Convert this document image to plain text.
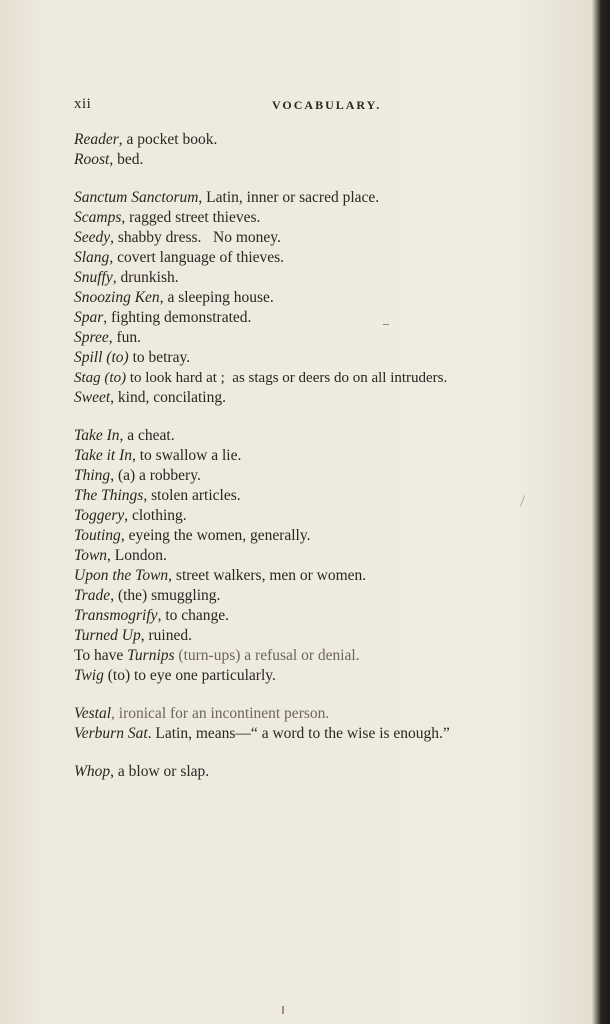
xii	VOCABULARY.
Reader, a pocket book.
Roost, bed.
Sanctum Sanctorum, Latin, inner or sacred place.
Scamps, ragged street thieves.
Seedy, shabby dress.   No money.
Slang, covert language of thieves.
Snuffy, drunkish.
Snoozing Ken, a sleeping house.
Spar, fighting demonstrated.
Spree, fun.
Spill (to) to betray.
Stag (to) to look hard at ;  as stags or deers do on all intruders.
Sweet, kind, concilating.
Take In, a cheat.
Take it In, to swallow a lie.
Thing, (a) a robbery.
The Things, stolen articles.
Toggery, clothing.
Touting, eyeing the women, generally.
Town, London.
Upon the Town, street walkers, men or women.
Trade, (the) smuggling.
Transmogrify, to change.
Turned Up, ruined.
To have Turnips (turn-ups) a refusal or denial.
Twig (to) to eye one particularly.
Vestal, ironical for an incontinent person.
Verburn Sat. Latin, means—“ a word to the wise is enough.”
Whop, a blow or slap.
